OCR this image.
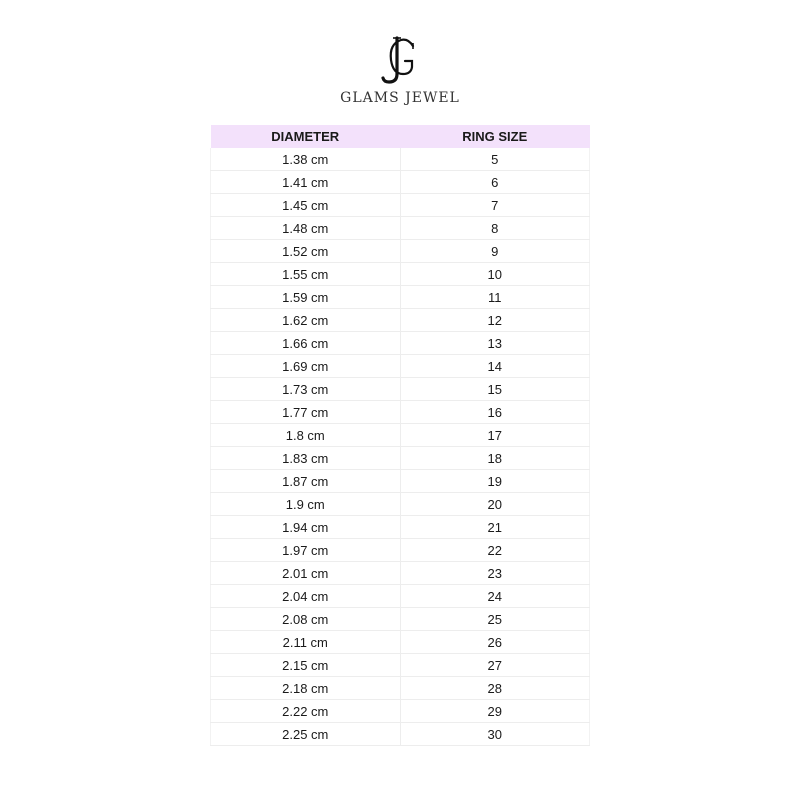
GLAMS JEWEL
DIAMETER	RING SIZE
1.38 cm	5
1.41 cm	6
1.45 cm	7
1.48 cm	8
1.52 cm	9
1.55 cm	10
1.59 cm	11
1.62 cm	12
1.66 cm	13
1.69 cm	14
1.73 cm	15
1.77 cm	16
1.8 cm	17
1.83 cm	18
1.87 cm	19
1.9 cm	20
1.94 cm	21
1.97 cm	22
2.01 cm	23
2.04 cm	24
2.08 cm	25
2.11 cm	26
2.15 cm	27
2.18 cm	28
2.22 cm	29
2.25 cm	30
